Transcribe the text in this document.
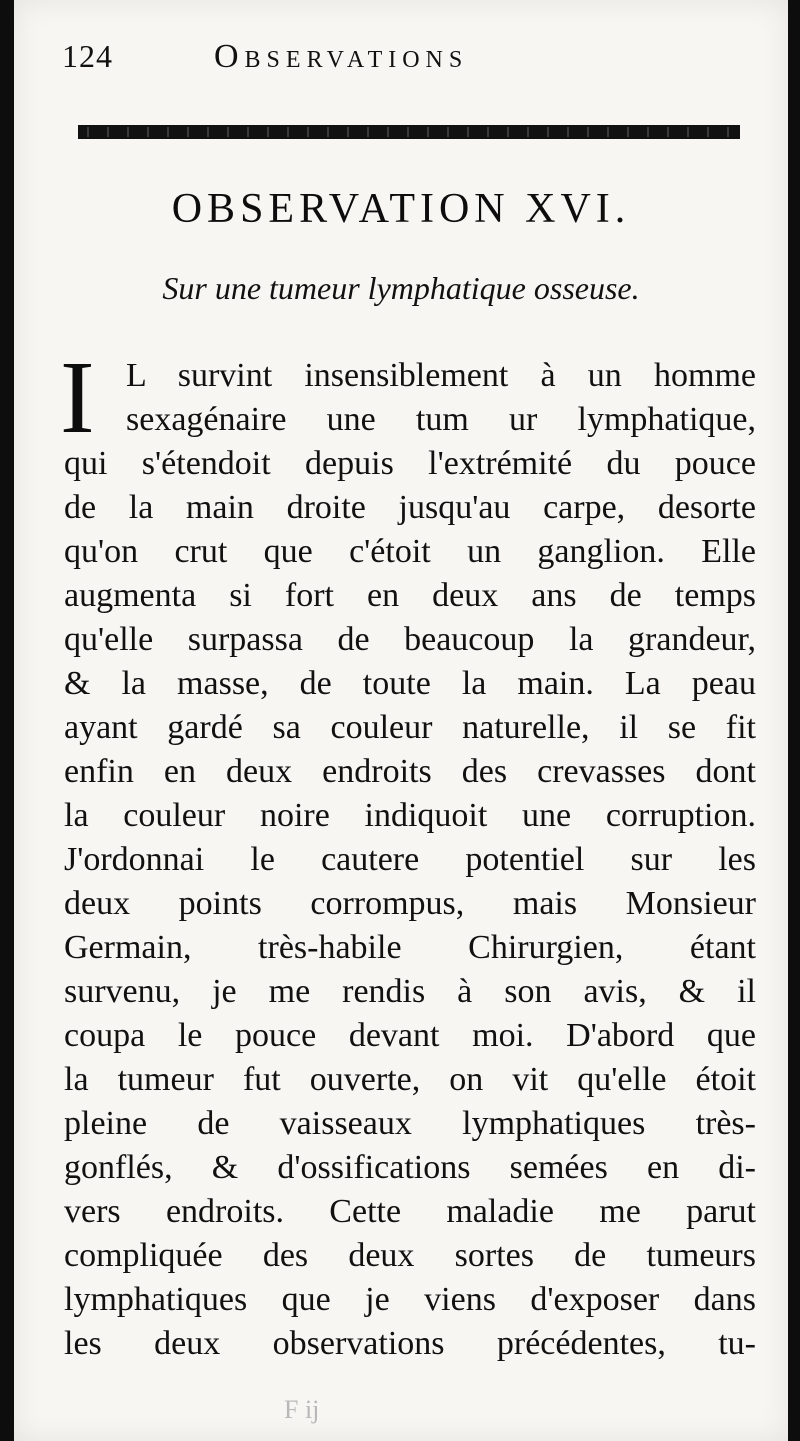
124	Observations
OBSERVATION XVI.
Sur une tumeur lymphatique osseuse.
I L survint insensiblement à un homme
sexagénaire une tum ur lymphatique,
qui s'étendoit depuis l'extrémité du pouce
de la main droite jusqu'au carpe, desorte
qu'on crut que c'étoit un ganglion. Elle
augmenta si fort en deux ans de temps
qu'elle surpassa de beaucoup la grandeur,
& la masse, de toute la main. La peau
ayant gardé sa couleur naturelle, il se fit
enfin en deux endroits des crevasses dont
la couleur noire indiquoit une corruption.
J'ordonnai le cautere potentiel sur les
deux points corrompus, mais Monsieur
Germain, très-habile Chirurgien, étant
survenu, je me rendis à son avis, & il
coupa le pouce devant moi. D'abord que
la tumeur fut ouverte, on vit qu'elle étoit
pleine de vaisseaux lymphatiques très-
gonflés, & d'ossifications semées en di-
vers endroits. Cette maladie me parut
compliquée des deux sortes de tumeurs
lymphatiques que je viens d'exposer dans
les deux observations précédentes, tu-
F ij
